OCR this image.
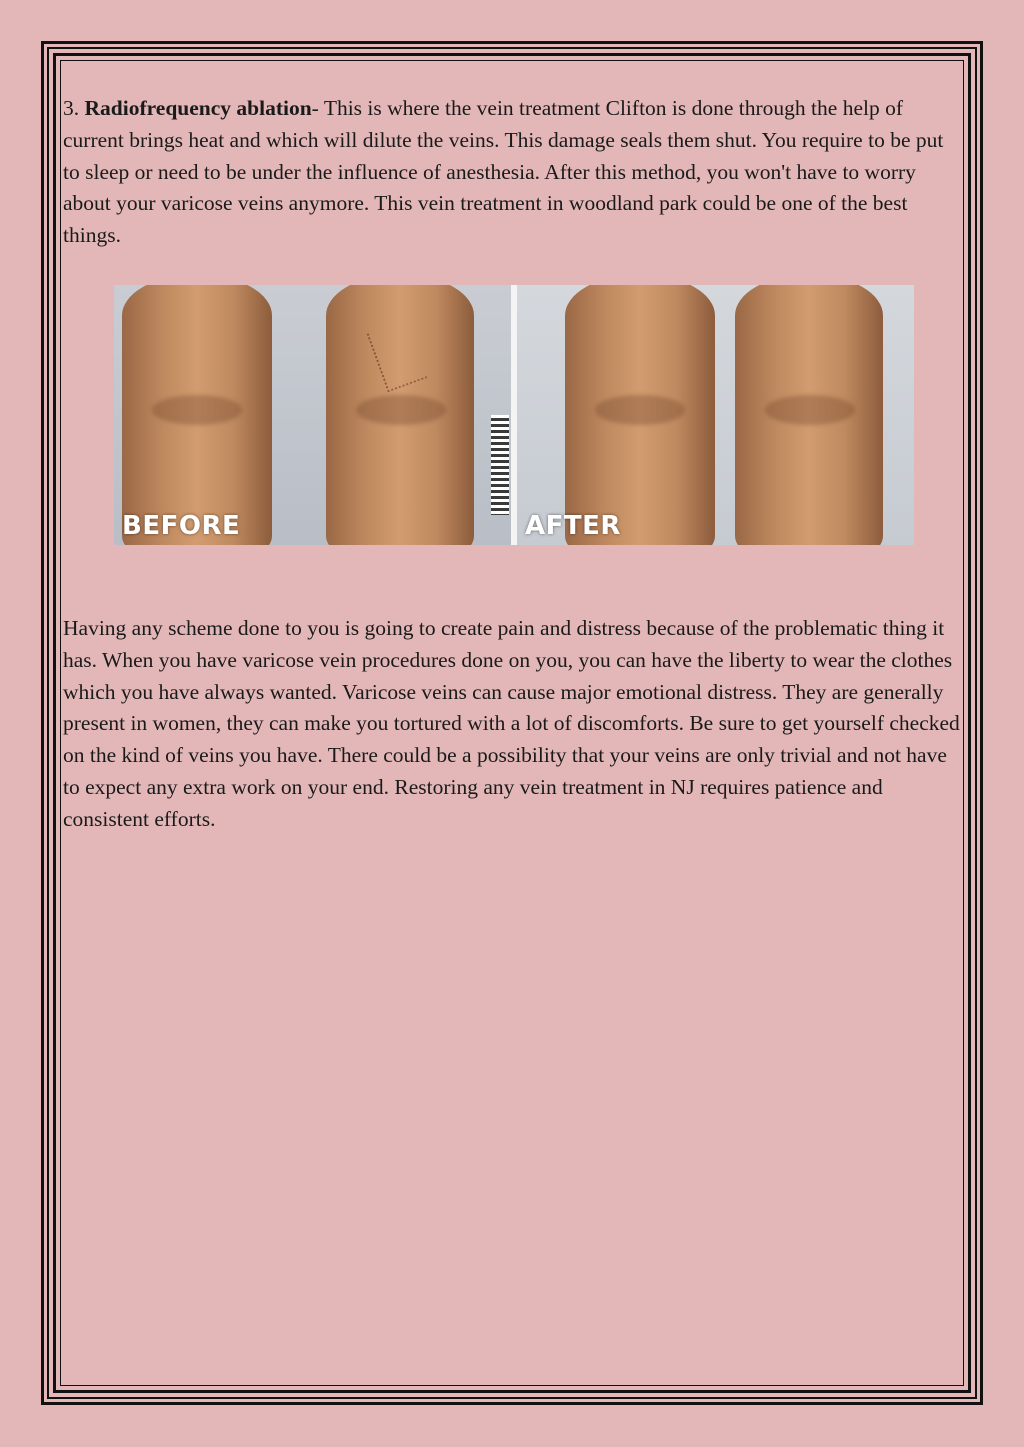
3. Radiofrequency ablation- This is where the vein treatment Clifton is done through the help of current brings heat and which will dilute the veins. This damage seals them shut. You require to be put to sleep or need to be under the influence of anesthesia. After this method, you won't have to worry about your varicose veins anymore. This vein treatment in woodland park could be one of the best things.

BEFORE	AFTER

Having any scheme done to you is going to create pain and distress because of the problematic thing it has. When you have varicose vein procedures done on you, you can have the liberty to wear the clothes which you have always wanted. Varicose veins can cause major emotional distress. They are generally present in women, they can make you tortured with a lot of discomforts. Be sure to get yourself checked on the kind of veins you have. There could be a possibility that your veins are only trivial and not have to expect any extra work on your end. Restoring any vein treatment in NJ requires patience and consistent efforts.
